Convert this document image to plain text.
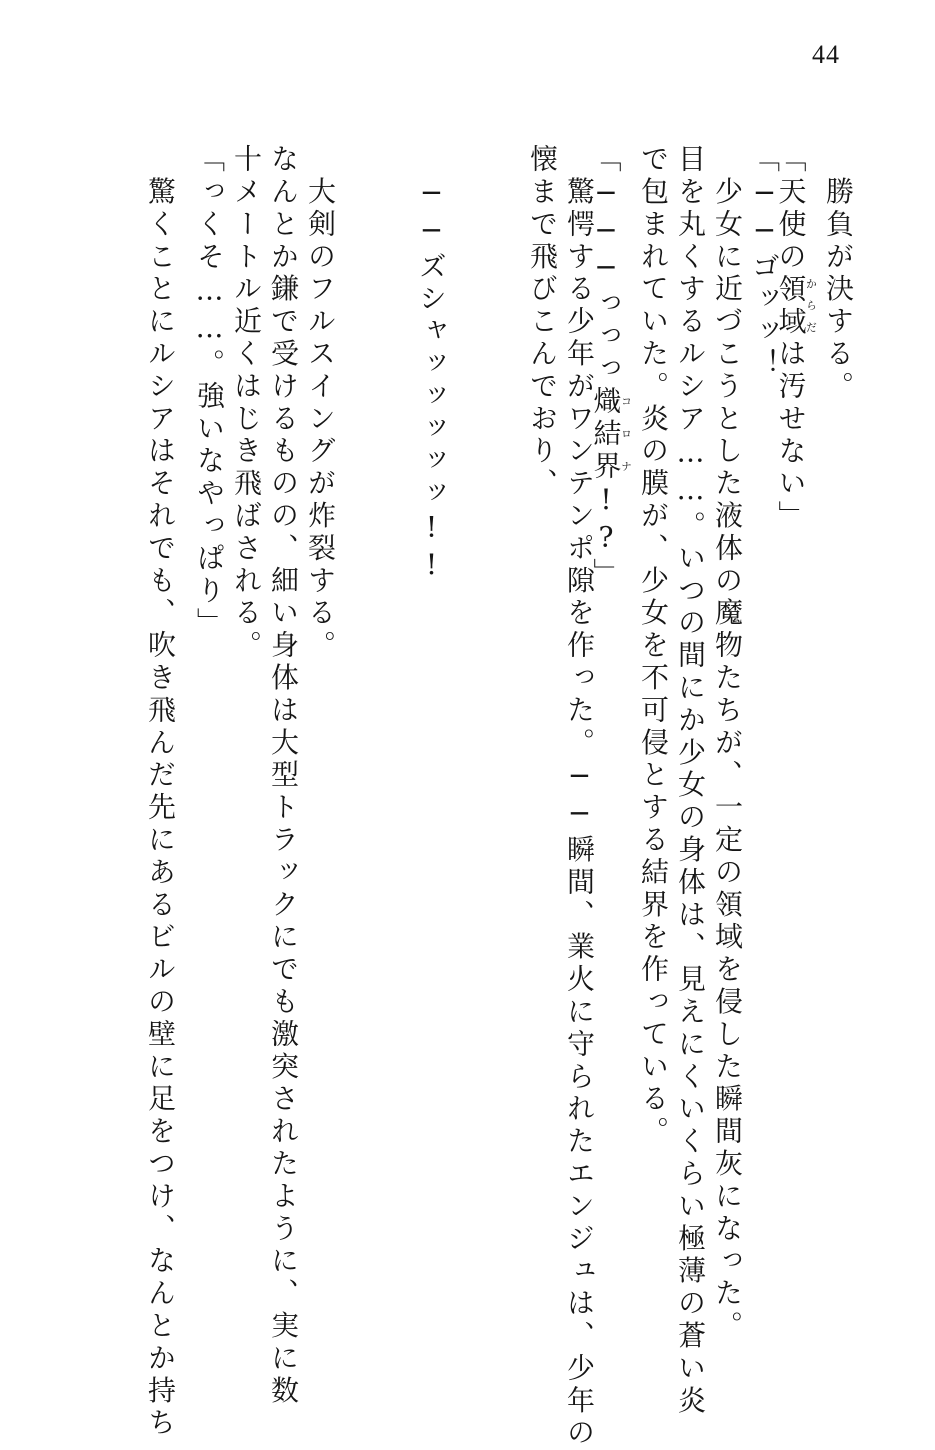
44
　勝負が決する。
「天使の領域からだは汚せない」
「──ゴッッ！
　少女に近づこうとした液体の魔物たちが、一定の領域を侵した瞬間灰になった。
目を丸くするルシア……。いつの間にか少女の身体は、見えにくいくらい極薄の蒼い炎
で包まれていた。炎の膜が、少女を不可侵とする結界を作っている。
「───っっっ熾結界コロナ!?」
　驚愕する少年がワンテンポ隙を作った。──瞬間、業火に守られたエンジュは、少年の
懐まで飛びこんでおり、
　──ズシャッッッッッ!!
　大剣のフルスイングが炸裂する。
なんとか鎌で受けるものの、細い身体は大型トラックにでも激突されたように、実に数
十メートル近くはじき飛ばされる。
「っくそ……。強いなやっぱり」
　驚くことにルシアはそれでも、吹き飛んだ先にあるビルの壁に足をつけ、なんとか持ち
